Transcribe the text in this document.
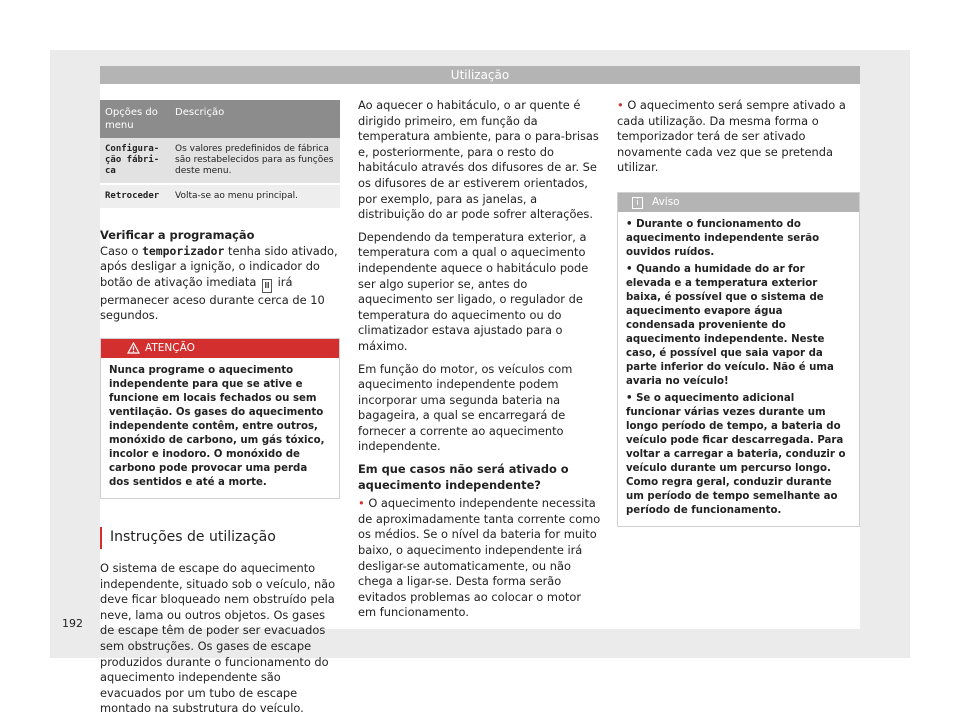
Utilização
Opções do menu	Descrição
Configura-ção fábri-ca	Os valores predefinidos de fábrica são restabelecidos para as funções deste menu.
Retroceder	Volta-se ao menu principal.

Verificar a programação

Caso o temporizador tenha sido ativado, após desligar a ignição, o indicador do botão de ativação imediata Ⅲ irá permanecer aceso durante cerca de 10 segundos.

ATENÇÃO
Nunca programe o aquecimento independente para que se ative e funcione em locais fechados ou sem ventilação. Os gases do aquecimento independente contêm, entre outros, monóxido de carbono, um gás tóxico, incolor e inodoro. O monóxido de carbono pode provocar uma perda dos sentidos e até a morte.
Instruções de utilização

O sistema de escape do aquecimento independente, situado sob o veículo, não deve ficar bloqueado nem obstruído pela neve, lama ou outros objetos. Os gases de escape têm de poder ser evacuados sem obstruções. Os gases de escape produzidos durante o funcionamento do aquecimento independente são evacuados por um tubo de escape montado na substrutura do veículo.

Ao aquecer o habitáculo, o ar quente é dirigido primeiro, em função da temperatura ambiente, para o para-brisas e, posteriormente, para o resto do habitáculo através dos difusores de ar. Se os difusores de ar estiverem orientados, por exemplo, para as janelas, a distribuição do ar pode sofrer alterações.

Dependendo da temperatura exterior, a temperatura com a qual o aquecimento independente aquece o habitáculo pode ser algo superior se, antes do aquecimento ser ligado, o regulador de temperatura do aquecimento ou do climatizador estava ajustado para o máximo.

Em função do motor, os veículos com aquecimento independente podem incorporar uma segunda bateria na bagageira, a qual se encarregará de fornecer a corrente ao aquecimento independente.

Em que casos não será ativado o aquecimento independente?

• O aquecimento independente necessita de aproximadamente tanta corrente como os médios. Se o nível da bateria for muito baixo, o aquecimento independente irá desligar-se automaticamente, ou não chega a ligar-se. Desta forma serão evitados problemas ao colocar o motor em funcionamento.

• O aquecimento será sempre ativado a cada utilização. Da mesma forma o temporizador terá de ser ativado novamente cada vez que se pretenda utilizar.

i	Aviso

• Durante o funcionamento do aquecimento independente serão ouvidos ruídos.

• Quando a humidade do ar for elevada e a temperatura exterior baixa, é possível que o sistema de aquecimento evapore água condensada proveniente do aquecimento independente. Neste caso, é possível que saia vapor da parte inferior do veículo. Não é uma avaria no veículo!

• Se o aquecimento adicional funcionar várias vezes durante um longo período de tempo, a bateria do veículo pode ficar descarregada. Para voltar a carregar a bateria, conduzir o veículo durante um percurso longo. Como regra geral, conduzir durante um período de tempo semelhante ao período de funcionamento.

192
